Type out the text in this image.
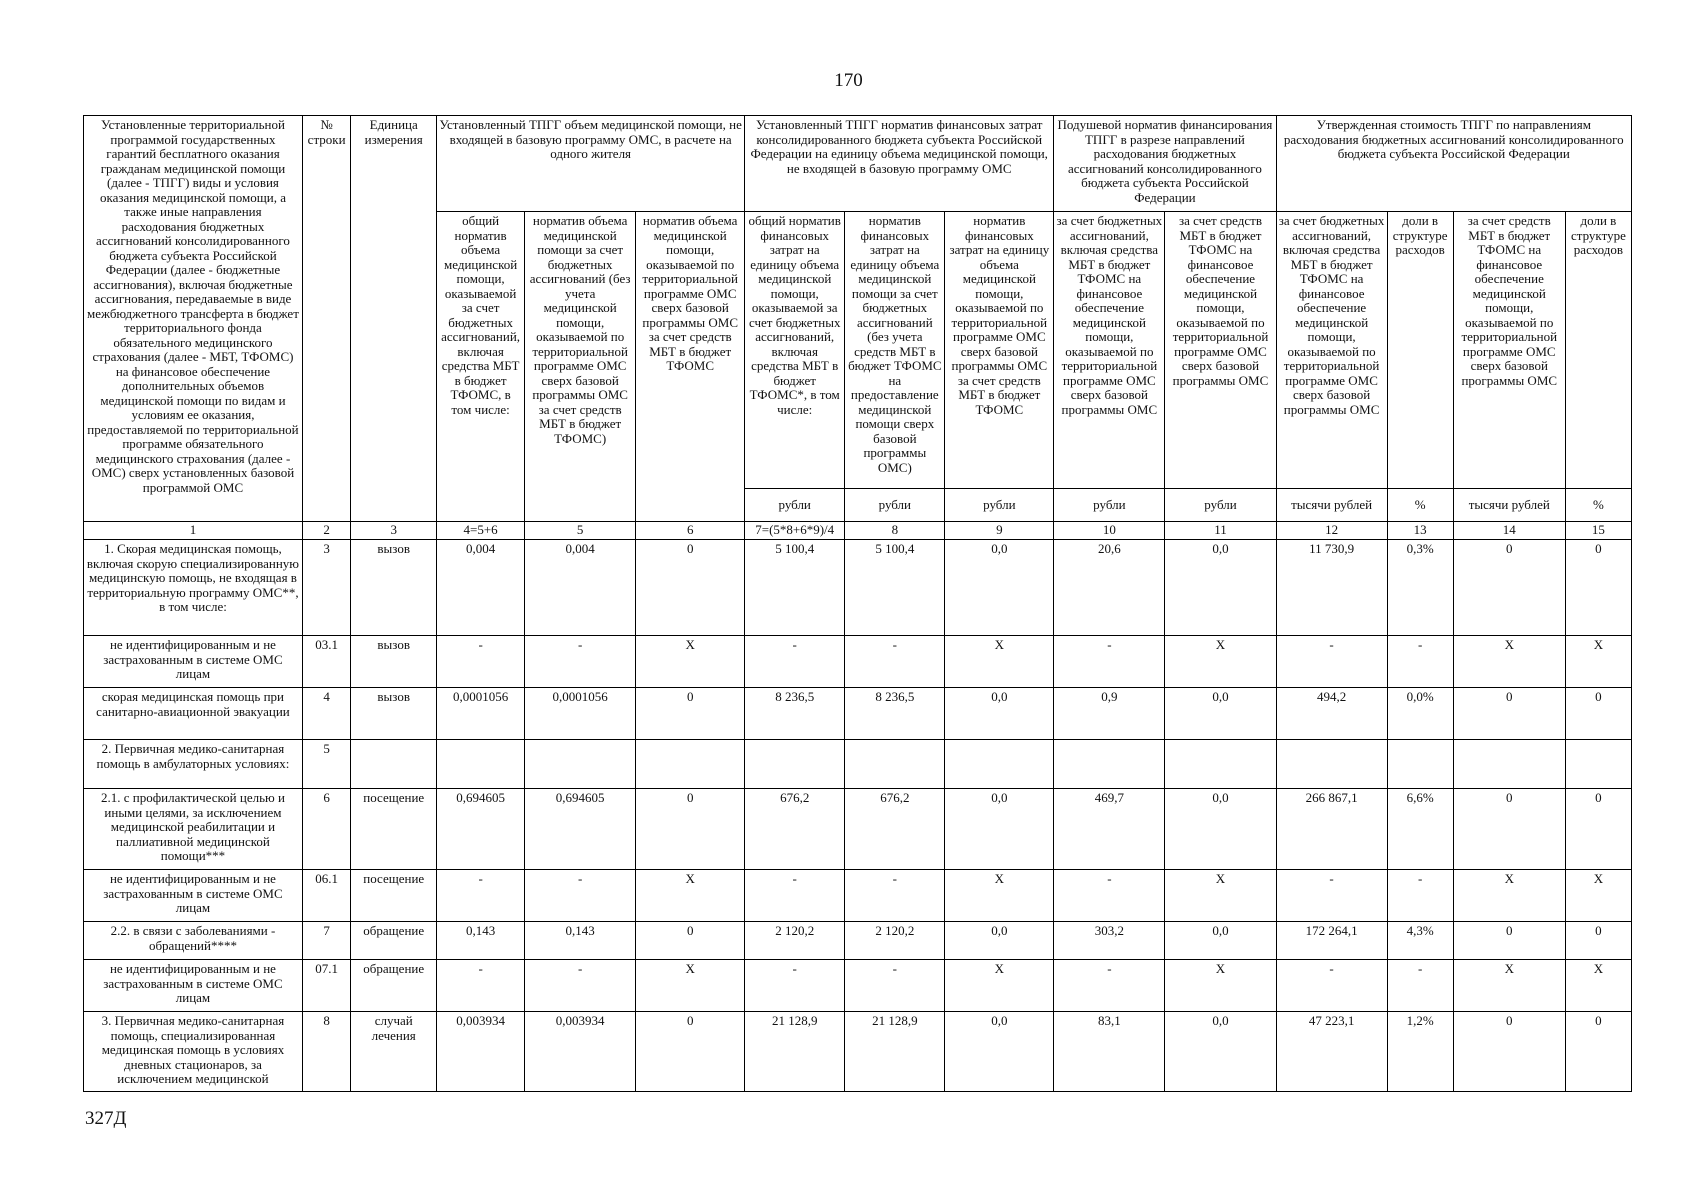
170
Установленные территориальной программой государственных гарантий бесплатного оказания гражданам медицинской помощи (далее - ТПГГ) виды и условия оказания медицинской помощи, а также иные направления расходования бюджетных ассигнований консолидированного бюджета субъекта Российской Федерации (далее - бюджетные ассигнования), включая бюджетные ассигнования, передаваемые в виде межбюджетного трансферта в бюджет территориального фонда обязательного медицинского страхования (далее - МБТ, ТФОМС) на финансовое обеспечение дополнительных объемов медицинской помощи по видам и условиям ее оказания, предоставляемой по территориальной программе обязательного медицинского страхования (далее - ОМС) сверх установленных базовой программой ОМС	№ строки	Единица измерения	Установленный ТПГГ объем медицинской помощи, не входящей в базовую программу ОМС, в расчете на одного жителя			Установленный ТПГГ норматив финансовых затрат консолидированного бюджета субъекта Российской Федерации на единицу объема медицинской помощи, не входящей в базовую программу ОМС			Подушевой норматив финансирования ТПГГ в разрезе направлений расходования бюджетных ассигнований консолидированного бюджета субъекта Российской Федерации		Утвержденная стоимость ТПГГ по направлениям расходования бюджетных ассигнований консолидированного бюджета субъекта Российской Федерации			
			общий норматив объема медицинской помощи, оказываемой за счет бюджетных ассигнований, включая средства МБТ в бюджет ТФОМС, в том числе:	норматив объема медицинской помощи за счет бюджетных ассигнований (без учета медицинской помощи, оказываемой по территориальной программе ОМС сверх базовой программы ОМС за счет средств МБТ в бюджет ТФОМС)	норматив объема медицинской помощи, оказываемой по территориальной программе ОМС сверх базовой программы ОМС за счет средств МБТ в бюджет ТФОМС	общий норматив финансовых затрат на единицу объема медицинской помощи, оказываемой за счет бюджетных ассигнований, включая средства МБТ в бюджет ТФОМС*, в том числе:	норматив финансовых затрат на единицу объема медицинской помощи за счет бюджетных ассигнований (без учета средств МБТ в бюджет ТФОМС на предоставление медицинской помощи сверх базовой программы ОМС)	норматив финансовых затрат на единицу объема медицинской помощи, оказываемой по территориальной программе ОМС сверх базовой программы ОМС за счет средств МБТ в бюджет ТФОМС	за счет бюджетных ассигнований, включая средства МБТ в бюджет ТФОМС на финансовое обеспечение медицинской помощи, оказываемой по территориальной программе ОМС сверх базовой программы ОМС	за счет средств МБТ в бюджет ТФОМС на финансовое обеспечение медицинской помощи, оказываемой по территориальной программе ОМС сверх базовой программы ОМС	за счет бюджетных ассигнований, включая средства МБТ в бюджет ТФОМС на финансовое обеспечение медицинской помощи, оказываемой по территориальной программе ОМС сверх базовой программы ОМС	доли в структуре расходов	за счет средств МБТ в бюджет ТФОМС на финансовое обеспечение медицинской помощи, оказываемой по территориальной программе ОМС сверх базовой программы ОМС	доли в структуре расходов
						рубли	рубли	рубли	рубли	рубли	тысячи рублей	%	тысячи рублей	%
1	2	3	4=5+6	5	6	7=(5*8+6*9)/4	8	9	10	11	12	13	14	15
1. Скорая медицинская помощь, включая скорую специализированную медицинскую помощь, не входящая в территориальную программу ОМС**, в том числе:	3	вызов	0,004	0,004	0	5 100,4	5 100,4	0,0	20,6	0,0	11 730,9	0,3%	0	0
не идентифицированным и не застрахованным в системе ОМС лицам	03.1	вызов	-	-	X	-	-	X	-	X	-	-	X	X
скорая медицинская помощь при санитарно-авиационной эвакуации	4	вызов	0,0001056	0,0001056	0	8 236,5	8 236,5	0,0	0,9	0,0	494,2	0,0%	0	0
2. Первичная медико-санитарная помощь в амбулаторных условиях:	5													
2.1. с профилактической целью и иными целями, за исключением медицинской реабилитации и паллиативной медицинской помощи***	6	посещение	0,694605	0,694605	0	676,2	676,2	0,0	469,7	0,0	266 867,1	6,6%	0	0
не идентифицированным и не застрахованным в системе ОМС лицам	06.1	посещение	-	-	X	-	-	X	-	X	-	-	X	X
2.2. в связи с заболеваниями - обращений****	7	обращение	0,143	0,143	0	2 120,2	2 120,2	0,0	303,2	0,0	172 264,1	4,3%	0	0
не идентифицированным и не застрахованным в системе ОМС лицам	07.1	обращение	-	-	X	-	-	X	-	X	-	-	X	X
3. Первичная медико-санитарная помощь, специализированная медицинская помощь в условиях дневных стационаров, за исключением медицинской	8	случай лечения	0,003934	0,003934	0	21 128,9	21 128,9	0,0	83,1	0,0	47 223,1	1,2%	0	0
327Д
